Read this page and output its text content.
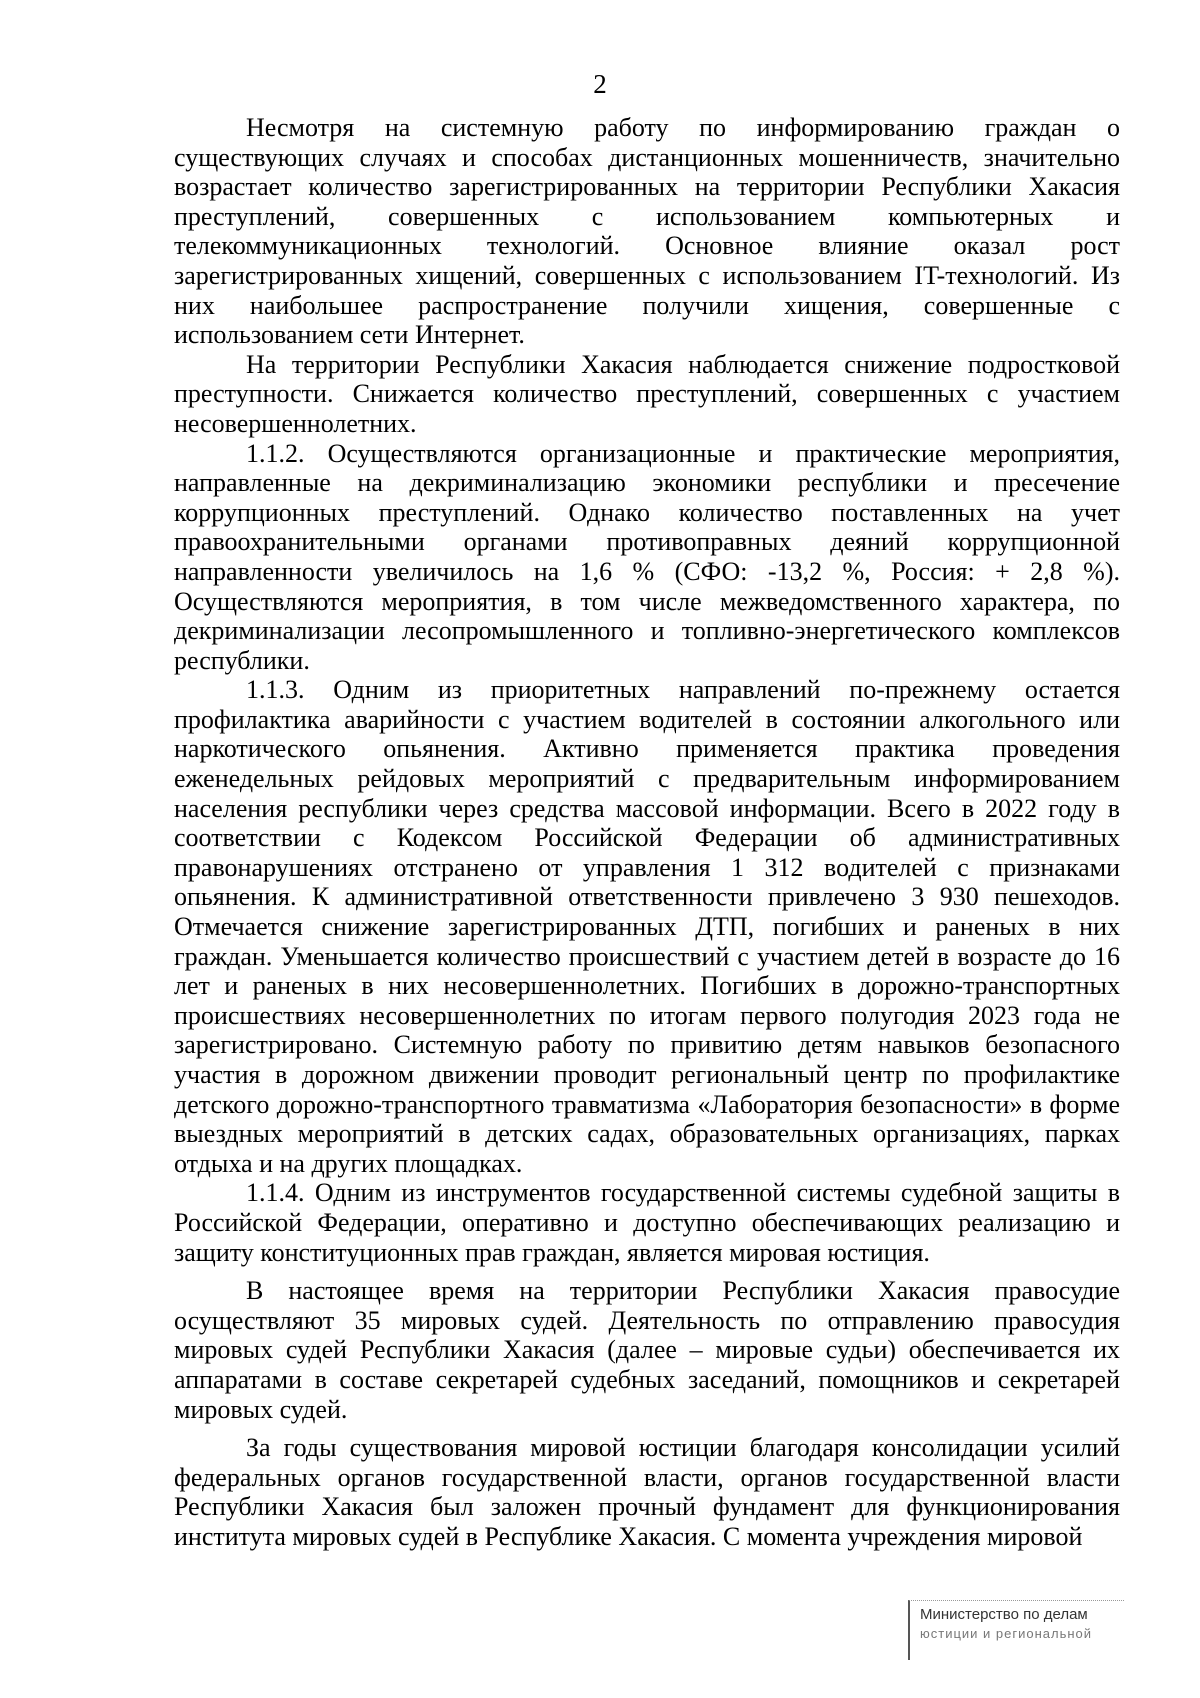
2

Несмотря на системную работу по информированию граждан о существующих случаях и способах дистанционных мошенничеств, значительно возрастает количество зарегистрированных на территории Республики Хакасия преступлений, совершенных с использованием компьютерных и телекоммуникационных технологий. Основное влияние оказал рост зарегистрированных хищений, совершенных с использованием IT-технологий. Из них наибольшее распространение получили хищения, совершенные с использованием сети Интернет.

На территории Республики Хакасия наблюдается снижение подростковой преступности. Снижается количество преступлений, совершенных с участием несовершеннолетних.

1.1.2. Осуществляются организационные и практические мероприятия, направленные на декриминализацию экономики республики и пресечение коррупционных преступлений. Однако количество поставленных на учет правоохранительными органами противоправных деяний коррупционной направленности увеличилось на 1,6 % (СФО: -13,2 %, Россия: + 2,8 %). Осуществляются мероприятия, в том числе межведомственного характера, по декриминализации лесопромышленного и топливно-энергетического комплексов республики.

1.1.3. Одним из приоритетных направлений по-прежнему остается профилактика аварийности с участием водителей в состоянии алкогольного или наркотического опьянения. Активно применяется практика проведения еженедельных рейдовых мероприятий с предварительным информированием населения республики через средства массовой информации. Всего в 2022 году в соответствии с Кодексом Российской Федерации об административных правонарушениях отстранено от управления 1 312 водителей с признаками опьянения. К административной ответственности привлечено 3 930 пешеходов. Отмечается снижение зарегистрированных ДТП, погибших и раненых в них граждан. Уменьшается количество происшествий с участием детей в возрасте до 16 лет и раненых в них несовершеннолетних. Погибших в дорожно-транспортных происшествиях несовершеннолетних по итогам первого полугодия 2023 года не зарегистрировано. Системную работу по привитию детям навыков безопасного участия в дорожном движении проводит региональный центр по профилактике детского дорожно-транспортного травматизма «Лаборатория безопасности» в форме выездных мероприятий в детских садах, образовательных организациях, парках отдыха и на других площадках.

1.1.4. Одним из инструментов государственной системы судебной защиты в Российской Федерации, оперативно и доступно обеспечивающих реализацию и защиту конституционных прав граждан, является мировая юстиция.

В настоящее время на территории Республики Хакасия правосудие осуществляют 35 мировых судей. Деятельность по отправлению правосудия мировых судей Республики Хакасия (далее – мировые судьи) обеспечивается их аппаратами в составе секретарей судебных заседаний, помощников и секретарей мировых судей.

За годы существования мировой юстиции благодаря консолидации усилий федеральных органов государственной власти, органов государственной власти Республики Хакасия был заложен прочный фундамент для функционирования института мировых судей в Республике Хакасия. С момента учреждения мировой

Министерство по делам
юстиции и региональной
